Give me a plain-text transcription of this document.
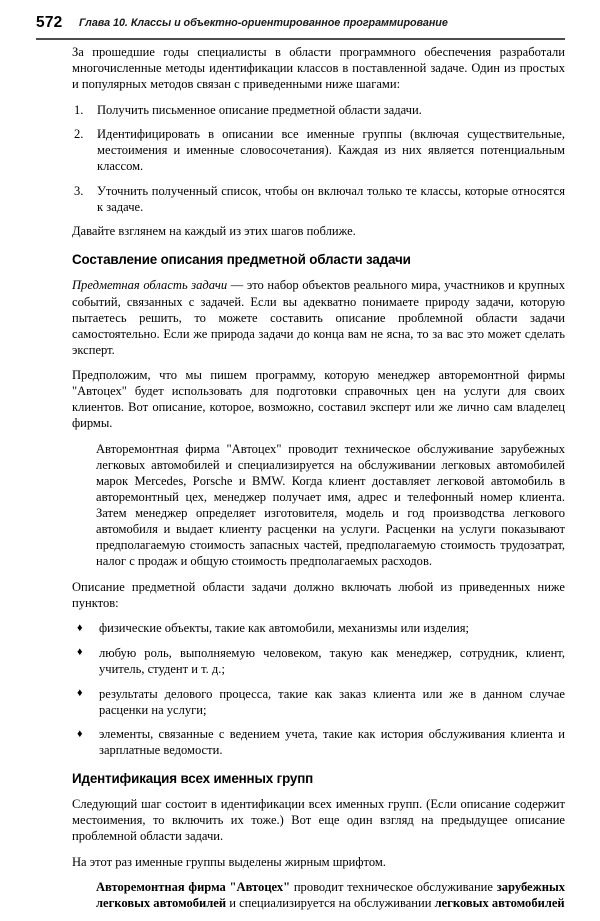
572 Глава 10. Классы и объектно-ориентированное программирование

За прошедшие годы специалисты в области программного обеспечения разработали многочисленные методы идентификации классов в поставленной задаче. Один из простых и популярных методов связан с приведенными ниже шагами:

1.	Получить письменное описание предметной области задачи.
2.	Идентифицировать в описании все именные группы (включая существительные, местоимения и именные словосочетания). Каждая из них является потенциальным классом.
3.	Уточнить полученный список, чтобы он включал только те классы, которые относятся к задаче.

Давайте взглянем на каждый из этих шагов поближе.

Составление описания предметной области задачи

Предметная область задачи — это набор объектов реального мира, участников и крупных событий, связанных с задачей. Если вы адекватно понимаете природу задачи, которую пытаетесь решить, то можете составить описание проблемной области задачи самостоятельно. Если же природа задачи до конца вам не ясна, то за вас это может сделать эксперт.

Предположим, что мы пишем программу, которую менеджер авторемонтной фирмы "Автоцех" будет использовать для подготовки справочных цен на услуги для своих клиентов. Вот описание, которое, возможно, составил эксперт или же лично сам владелец фирмы.

Авторемонтная фирма "Автоцех" проводит техническое обслуживание зарубежных легковых автомобилей и специализируется на обслуживании легковых автомобилей марок Mercedes, Porsche и BMW. Когда клиент доставляет легковой автомобиль в авторемонтный цех, менеджер получает имя, адрес и телефонный номер клиента. Затем менеджер определяет изготовителя, модель и год производства легкового автомобиля и выдает клиенту расценки на услуги. Расценки на услуги показывают предполагаемую стоимость запасных частей, предполагаемую стоимость трудозатрат, налог с продаж и общую стоимость предполагаемых расходов.

Описание предметной области задачи должно включать любой из приведенных ниже пунктов:

♦ физические объекты, такие как автомобили, механизмы или изделия;
♦ любую роль, выполняемую человеком, такую как менеджер, сотрудник, клиент, учитель, студент и т. д.;
♦ результаты делового процесса, такие как заказ клиента или же в данном случае расценки на услуги;
♦ элементы, связанные с ведением учета, такие как история обслуживания клиента и зарплатные ведомости.
Идентификация всех именных групп

Следующий шаг состоит в идентификации всех именных групп. (Если описание содержит местоимения, то включить их тоже.) Вот еще один взгляд на предыдущее описание проблемной области задачи.

На этот раз именные группы выделены жирным шрифтом.

Авторемонтная фирма "Автоцех" проводит техническое обслуживание зарубежных легковых автомобилей и специализируется на обслуживании легковых автомобилей
